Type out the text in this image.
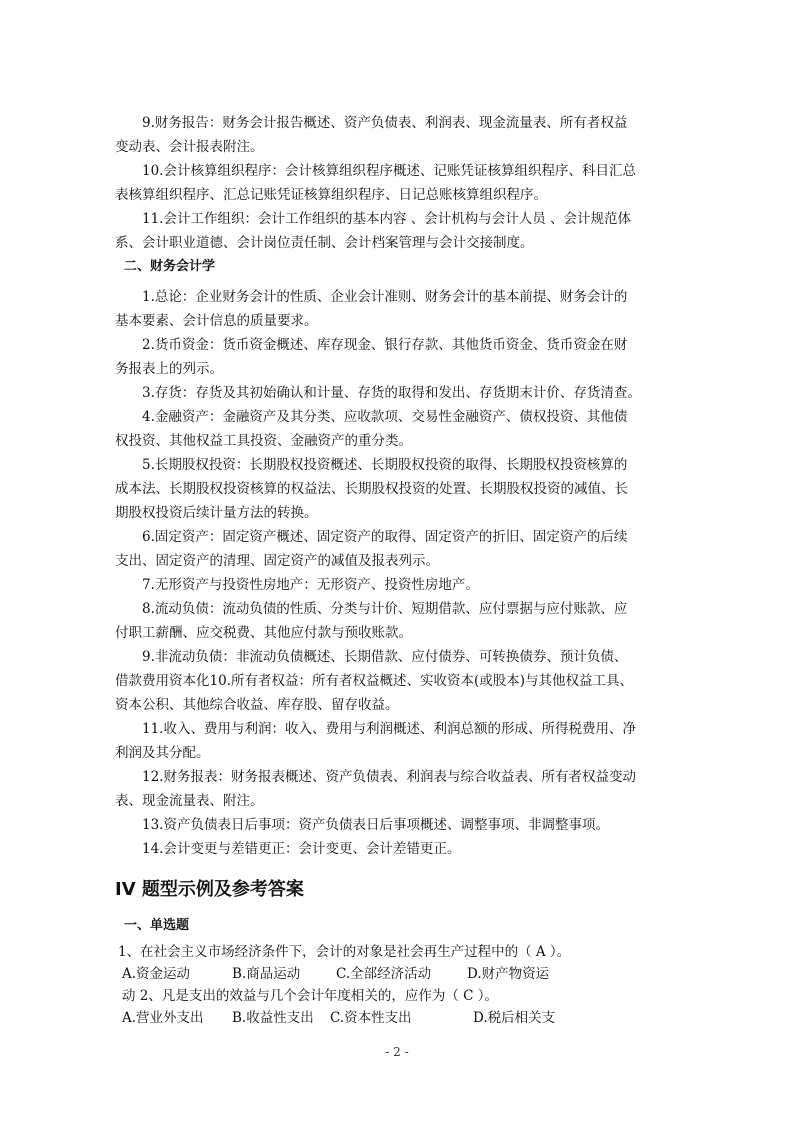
9.财务报告：财务会计报告概述、资产负债表、利润表、现金流量表、所有者权益
变动表、会计报表附注。
10.会计核算组织程序：会计核算组织程序概述、记账凭证核算组织程序、科目汇总
表核算组织程序、汇总记账凭证核算组织程序、日记总账核算组织程序。
11.会计工作组织：会计工作组织的基本内容 、会计机构与会计人员 、会计规范体
系、会计职业道德、会计岗位责任制、会计档案管理与会计交接制度。
二、财务会计学
1.总论：企业财务会计的性质、企业会计准则、财务会计的基本前提、财务会计的
基本要素、会计信息的质量要求。
2.货币资金：货币资金概述、库存现金、银行存款、其他货币资金、货币资金在财
务报表上的列示。
3.存货：存货及其初始确认和计量、存货的取得和发出、存货期末计价、存货清查。
4.金融资产：金融资产及其分类、应收款项、交易性金融资产、债权投资、其他债
权投资、其他权益工具投资、金融资产的重分类。
5.长期股权投资：长期股权投资概述、长期股权投资的取得、长期股权投资核算的
成本法、长期股权投资核算的权益法、长期股权投资的处置、长期股权投资的减值、长
期股权投资后续计量方法的转换。
6.固定资产：固定资产概述、固定资产的取得、固定资产的折旧、固定资产的后续
支出、固定资产的清理、固定资产的减值及报表列示。
7.无形资产与投资性房地产：无形资产、投资性房地产。
8.流动负债：流动负债的性质、分类与计价、短期借款、应付票据与应付账款、应
付职工薪酬、应交税费、其他应付款与预收账款。
9.非流动负债：非流动负债概述、长期借款、应付债券、可转换债券、预计负债、
借款费用资本化10.所有者权益：所有者权益概述、实收资本(或股本)与其他权益工具、
资本公积、其他综合收益、库存股、留存收益。
11.收入、费用与利润：收入、费用与利润概述、利润总额的形成、所得税费用、净
利润及其分配。
12.财务报表：财务报表概述、资产负债表、利润表与综合收益表、所有者权益变动
表、现金流量表、附注。
13.资产负债表日后事项：资产负债表日后事项概述、调整事项、非调整事项。
14.会计变更与差错更正：会计变更、会计差错更正。
IV 题型示例及参考答案
一、单选题
1、在社会主义市场经济条件下，会计的对象是社会再生产过程中的（ A ）。
A.资金运动	B.商品运动	C.全部经济活动	D.财产物资运
动 2、凡是支出的效益与几个会计年度相关的，应作为（ C ）。
A.营业外支出 B.收益性支出 C.资本性支出	D.税后相关支
- 2 -
